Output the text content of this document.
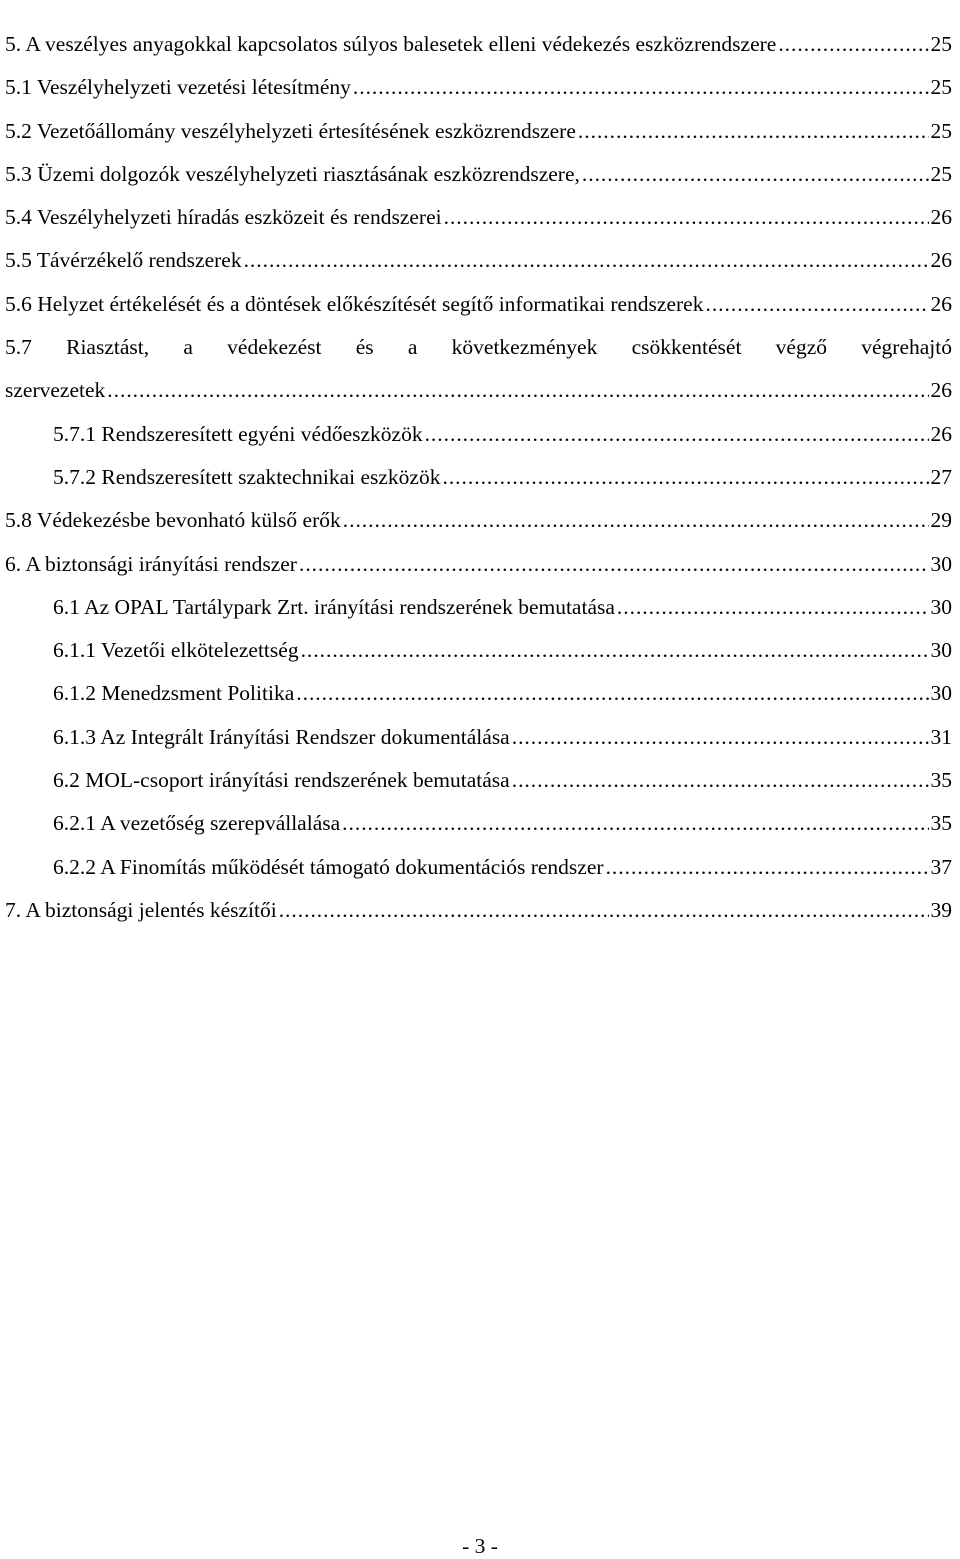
5. A veszélyes anyagokkal kapcsolatos súlyos balesetek elleni védekezés eszközrendszere . . .	25
5.1 Veszélyhelyzeti vezetési létesítmény . . .	25
5.2 Vezetőállomány veszélyhelyzeti értesítésének eszközrendszere . . .	25
5.3 Üzemi dolgozók veszélyhelyzeti riasztásának eszközrendszere, . . .	25
5.4 Veszélyhelyzeti híradás eszközeit és rendszerei . . .	26
5.5 Távérzékelő rendszerek . . .	26
5.6 Helyzet értékelését és a döntések előkészítését segítő informatikai rendszerek . . .	26
5.7 Riasztást, a védekezést és a következmények csökkentését végző végrehajtó
szervezetek . . .	26
5.7.1 Rendszeresített egyéni védőeszközök . . .	26
5.7.2 Rendszeresített szaktechnikai eszközök . . .	27
5.8 Védekezésbe bevonható külső erők . . .	29
6. A biztonsági irányítási rendszer . . .	30
6.1 Az OPAL Tartálypark Zrt. irányítási rendszerének bemutatása . . .	30
6.1.1 Vezetői elkötelezettség . . .	30
6.1.2 Menedzsment Politika . . .	30
6.1.3 Az Integrált Irányítási Rendszer dokumentálása . . .	31
6.2 MOL-csoport irányítási rendszerének bemutatása . . .	35
6.2.1 A vezetőség szerepvállalása . . .	35
6.2.2 A Finomítás működését támogató dokumentációs rendszer . . .	37
7. A biztonsági jelentés készítői . . .	39
- 3 -
